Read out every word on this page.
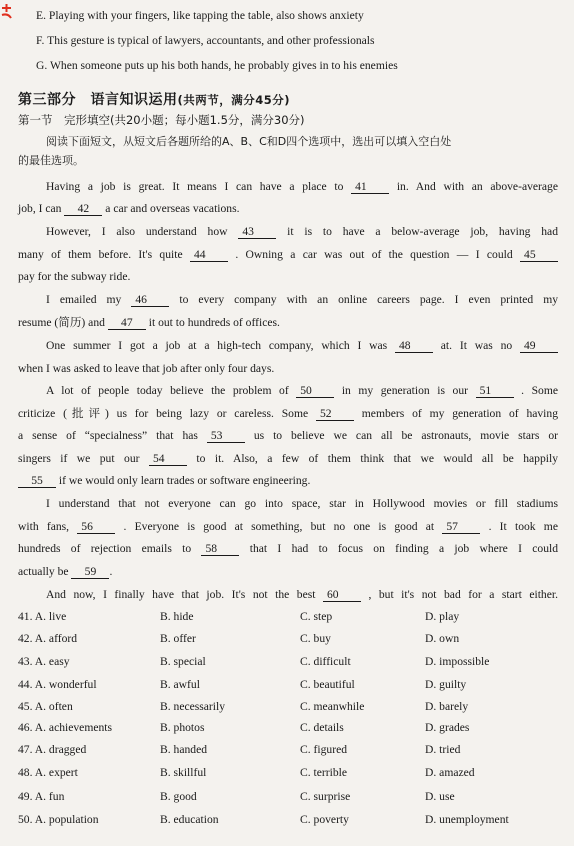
E. Playing with your fingers, like tapping the table, also shows anxiety
F. This gesture is typical of lawyers, accountants, and other professionals
G. When someone puts up his both hands, he probably gives in to his enemies
第三部分　语言知识运用(共两节，满分45分)
第一节　完形填空(共20小题；每小题1.5分，满分30分)
阅读下面短文，从短文后各题所给的A、B、C和D四个选项中，选出可以填入空白处
的最佳选项。
Having a job is great. It means I can have a place to 41	in. And with an above-average
job, I can 42 a car and overseas vacations.
However, I also understand how 43	it is to have a below-average job, having had
many of them before. It's quite 44	. Owning a car was out of the question — I could 45
pay for the subway ride.
I emailed my 46	to every company with an online careers page. I even printed my
resume (简历) and 47 it out to hundreds of offices.
One summer I got a job at a high-tech company, which I was 48	at. It was no 49
when I was asked to leave that job after only four days.
A lot of people today believe the problem of 50	in my generation is our 51	. Some
criticize (批评) us for being lazy or careless. Some 52	members of my generation of having
a sense of “specialness” that has 53	us to believe we can all be astronauts, movie stars or
singers if we put our 54	to it. Also, a few of them think that we would all be happily
55 if we would only learn trades or software engineering.
I understand that not everyone can go into space, star in Hollywood movies or fill stadiums
with fans, 56	. Everyone is good at something, but no one is good at 57	. It took me
hundreds of rejection emails to 58	that I had to focus on finding a job where I could
actually be 59 .
And now, I finally have that job. It's not the best 60	, but it's not bad for a start either.
41. A. live	B. hide	C. step	D. play
42. A. afford	B. offer	C. buy	D. own
43. A. easy	B. special	C. difficult	D. impossible
44. A. wonderful	B. awful	C. beautiful	D. guilty
45. A. often	B. necessarily	C. meanwhile	D. barely
46. A. achievements	B. photos	C. details	D. grades
47. A. dragged	B. handed	C. figured	D. tried
48. A. expert	B. skillful	C. terrible	D. amazed
49. A. fun	B. good	C. surprise	D. use
50. A. population	B. education	C. poverty	D. unemployment
